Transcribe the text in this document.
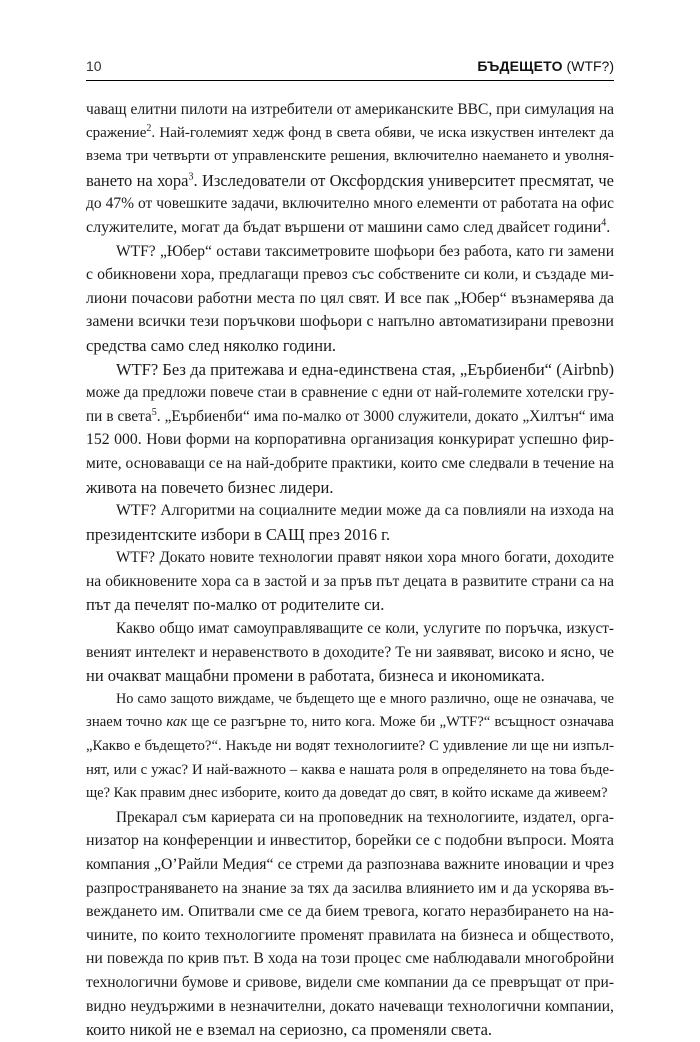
10	БЪДЕЩЕТО (WTF?)
чаващ елитни пилоти на изтребители от американските ВВС, при симулация на
сражение$^2$. Най-големият хедж фонд в света обяви, че иска изкуствен интелект да
взема три четвърти от управленските решения, включително наемането и уволня-
ването на хора$^3$. Изследователи от Оксфордския университет пресмятат, че
до 47% от човешките задачи, включително много елементи от работата на офис
служителите, могат да бъдат вършени от машини само след двайсет години$^4$.
WTF? „Юбер“ остави таксиметровите шофьори без работа, като ги замени
с обикновени хора, предлагащи превоз със собствените си коли, и създаде ми-
лиони почасови работни места по цял свят. И все пак „Юбер“ възнамерява да
замени всички тези поръчкови шофьори с напълно автоматизирани превозни
средства само след няколко години.
WTF? Без да притежава и една-единствена стая, „Еърбиенби“ (Airbnb)
може да предложи повече стаи в сравнение с едни от най-големите хотелски гру-
пи в света$^5$. „Еърбиенби“ има по-малко от 3000 служители, докато „Хилтън“ има
152 000. Нови форми на корпоративна организация конкурират успешно фир-
мите, основаващи се на най-добрите практики, които сме следвали в течение на
живота на повечето бизнес лидери.
WTF? Алгоритми на социалните медии може да са повлияли на изхода на
президентските избори в САЩ през 2016 г.
WTF? Докато новите технологии правят някои хора много богати, доходите
на обикновените хора са в застой и за пръв път децата в развитите страни са на
път да печелят по-малко от родителите си.
Какво общо имат самоуправляващите се коли, услугите по поръчка, изкуст-
веният интелект и неравенството в доходите? Те ни заявяват, високо и ясно, че
ни очакват мащабни промени в работата, бизнеса и икономиката.
Но само защото виждаме, че бъдещето ще е много различно, още не означава, че
знаем точно как ще се разгърне то, нито кога. Може би „WTF?“ всъщност означава
„Какво е бъдещето?“. Накъде ни водят технологиите? С удивление ли ще ни изпъл-
нят, или с ужас? И най-важното – каква е нашата роля в определянето на това бъде-
ще? Как правим днес изборите, които да доведат до свят, в който искаме да живеем?
Прекарал съм кариерата си на проповедник на технологиите, издател, орга-
низатор на конференции и инвеститор, борейки се с подобни въпроси. Моята
компания „О’Райли Медия“ се стреми да разпознава важните иновации и чрез
разпространяването на знание за тях да засилва влиянието им и да ускорява въ-
веждането им. Опитвали сме се да бием тревога, когато неразбирането на на-
чините, по които технологиите променят правилата на бизнеса и обществото,
ни повежда по крив път. В хода на този процес сме наблюдавали многобройни
технологични бумове и сривове, видели сме компании да се превръщат от при-
видно неудържими в незначителни, докато начеващи технологични компании,
които никой не е вземал на сериозно, са променяли света.
